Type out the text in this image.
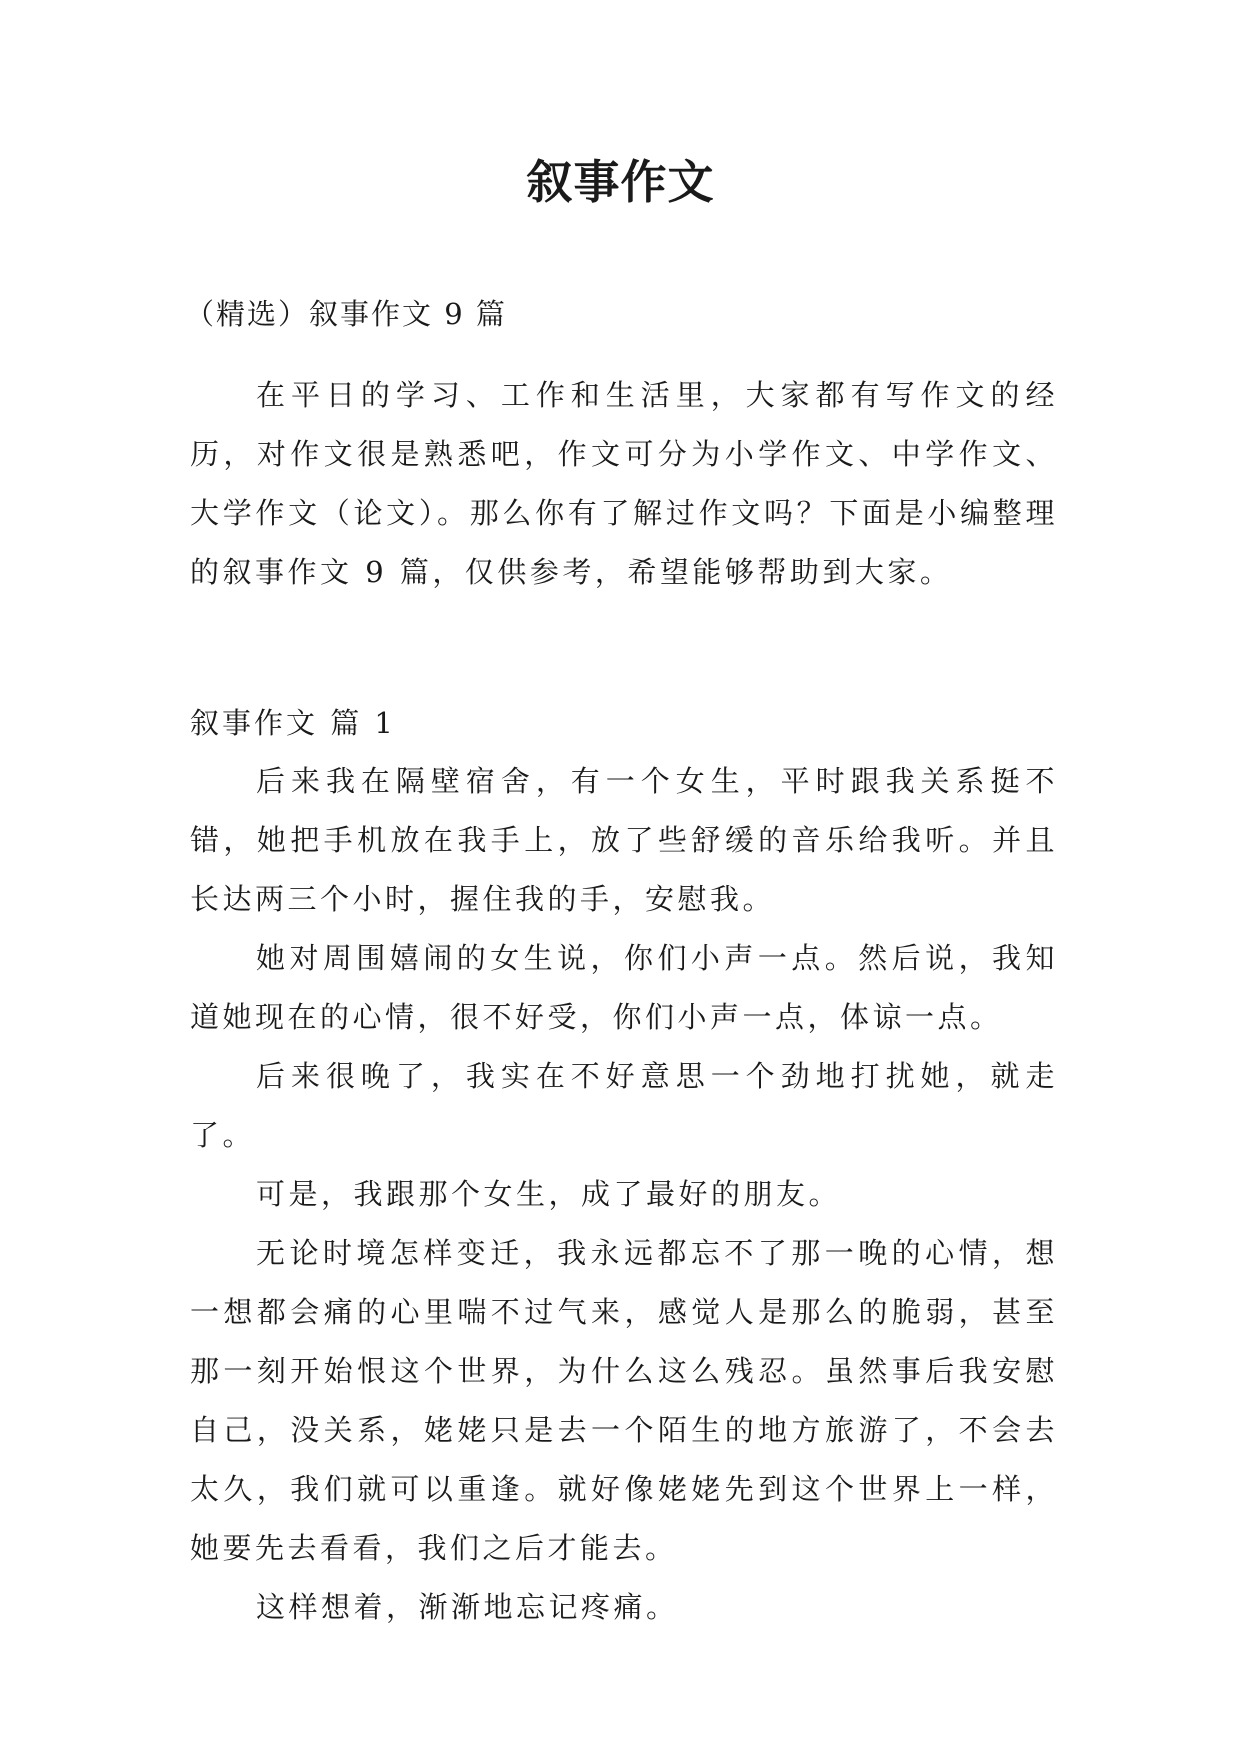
叙事作文

（精选）叙事作文 9 篇

在平日的学习、工作和生活里，大家都有写作文的经历，对作文很是熟悉吧，作文可分为小学作文、中学作文、大学作文（论文）。那么你有了解过作文吗？下面是小编整理的叙事作文 9 篇，仅供参考，希望能够帮助到大家。

叙事作文 篇 1

后来我在隔壁宿舍，有一个女生，平时跟我关系挺不错，她把手机放在我手上，放了些舒缓的音乐给我听。并且长达两三个小时，握住我的手，安慰我。

她对周围嬉闹的女生说，你们小声一点。然后说，我知道她现在的心情，很不好受，你们小声一点，体谅一点。

后来很晚了，我实在不好意思一个劲地打扰她，就走了。

可是，我跟那个女生，成了最好的朋友。

无论时境怎样变迁，我永远都忘不了那一晚的心情，想一想都会痛的心里喘不过气来，感觉人是那么的脆弱，甚至那一刻开始恨这个世界，为什么这么残忍。虽然事后我安慰自己，没关系，姥姥只是去一个陌生的地方旅游了，不会去太久，我们就可以重逢。就好像姥姥先到这个世界上一样，她要先去看看，我们之后才能去。

这样想着，渐渐地忘记疼痛。
